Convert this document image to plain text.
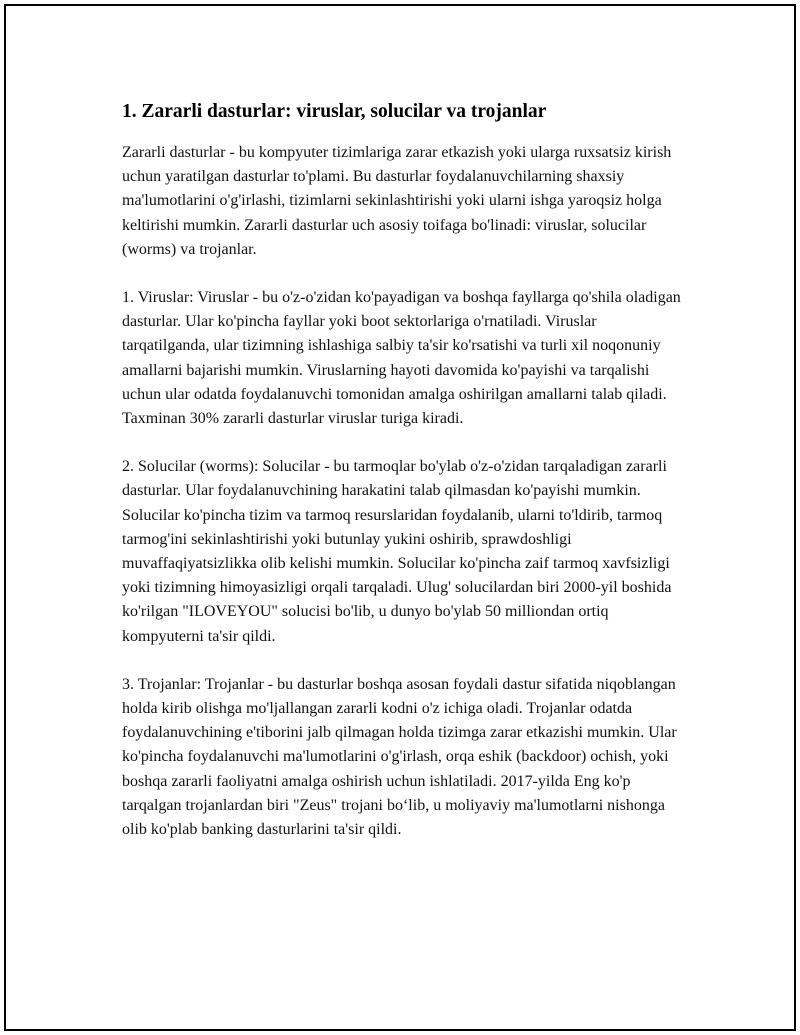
1. Zararli dasturlar: viruslar, solucilar va trojanlar

Zararli dasturlar - bu kompyuter tizimlariga zarar etkazish yoki ularga ruxsatsiz kirish uchun yaratilgan dasturlar to'plami. Bu dasturlar foydalanuvchilarning shaxsiy ma'lumotlarini o'g'irlashi, tizimlarni sekinlashtirishi yoki ularni ishga yaroqsiz holga keltirishi mumkin. Zararli dasturlar uch asosiy toifaga bo'linadi: viruslar, solucilar (worms) va trojanlar.

1. Viruslar: Viruslar - bu o'z-o'zidan ko'payadigan va boshqa fayllarga qo'shila oladigan dasturlar. Ular ko'pincha fayllar yoki boot sektorlariga o'rnatiladi. Viruslar tarqatilganda, ular tizimning ishlashiga salbiy ta'sir ko'rsatishi va turli xil noqonuniy amallarni bajarishi mumkin. Viruslarning hayoti davomida ko'payishi va tarqalishi uchun ular odatda foydalanuvchi tomonidan amalga oshirilgan amallarni talab qiladi. Taxminan 30% zararli dasturlar viruslar turiga kiradi.

2. Solucilar (worms): Solucilar - bu tarmoqlar bo'ylab o'z-o'zidan tarqaladigan zararli dasturlar. Ular foydalanuvchining harakatini talab qilmasdan ko'payishi mumkin. Solucilar ko'pincha tizim va tarmoq resurslaridan foydalanib, ularni to'ldirib, tarmoq tarmog'ini sekinlashtirishi yoki butunlay yukini oshirib, sprawdoshligi muvaffaqiyatsizlikka olib kelishi mumkin. Solucilar ko'pincha zaif tarmoq xavfsizligi yoki tizimning himoyasizligi orqali tarqaladi. Ulug' solucilardan biri 2000-yil boshida ko'rilgan "ILOVEYOU" solucisi bo'lib, u dunyo bo'ylab 50 milliondan ortiq kompyuterni ta'sir qildi.

3. Trojanlar: Trojanlar - bu dasturlar boshqa asosan foydali dastur sifatida niqoblangan holda kirib olishga mo'ljallangan zararli kodni o'z ichiga oladi. Trojanlar odatda foydalanuvchining e'tiborini jalb qilmagan holda tizimga zarar etkazishi mumkin. Ular ko'pincha foydalanuvchi ma'lumotlarini o'g'irlash, orqa eshik (backdoor) ochish, yoki boshqa zararli faoliyatni amalga oshirish uchun ishlatiladi. 2017-yilda Eng ko'p tarqalgan trojanlardan biri "Zeus" trojani bo‘lib, u moliyaviy ma'lumotlarni nishonga olib ko'plab banking dasturlarini ta'sir qildi.
